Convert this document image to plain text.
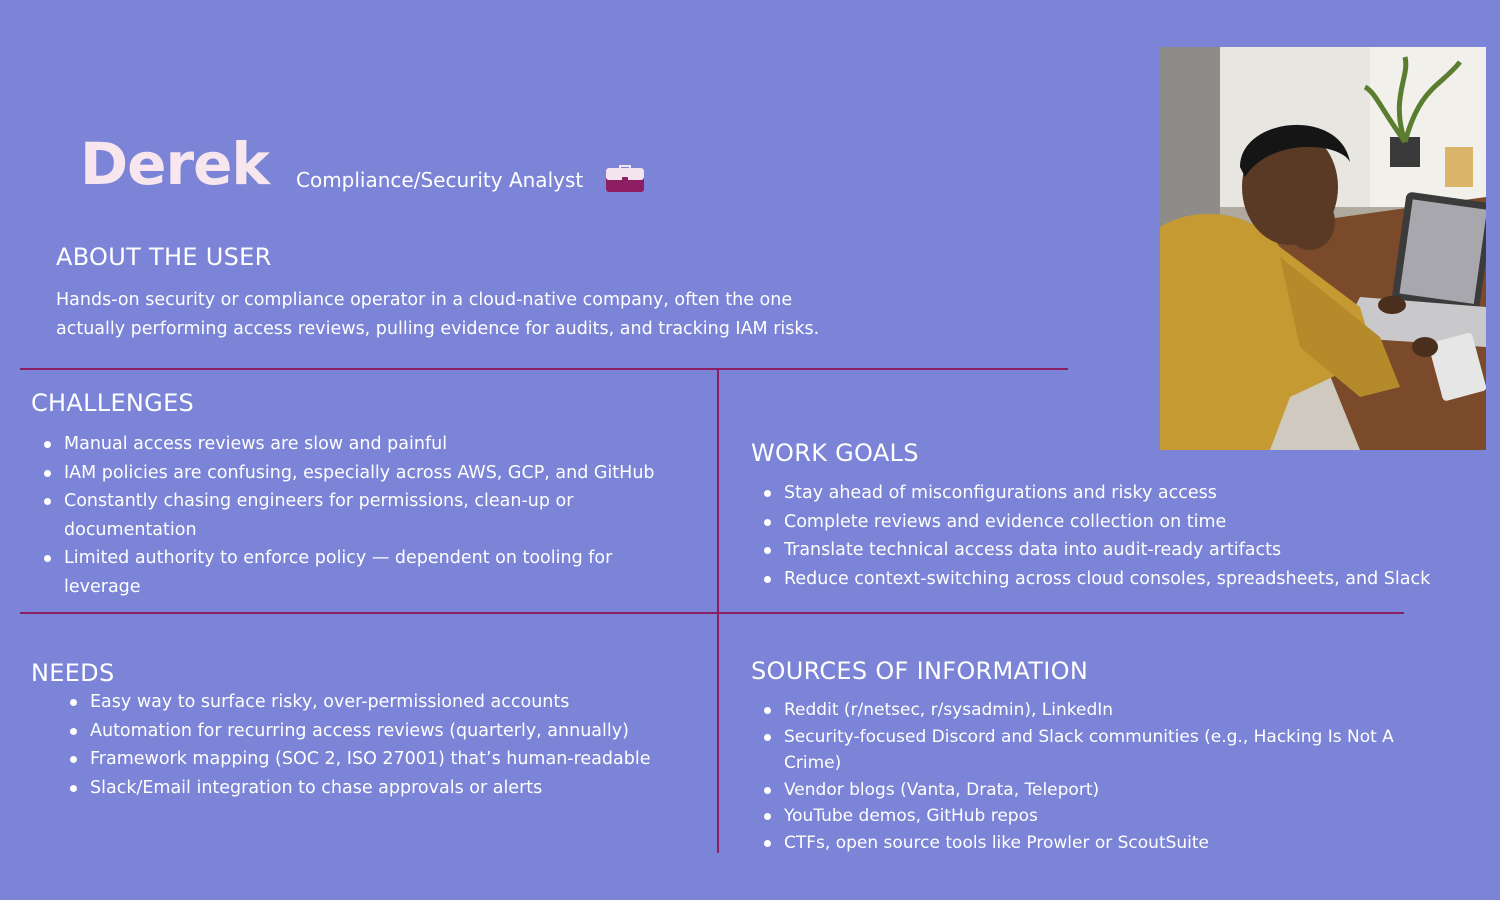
Derek Compliance/Security Analyst
ABOUT THE USER
Hands-on security or compliance operator in a cloud-native company, often the one actually performing access reviews, pulling evidence for audits, and tracking IAM risks.
CHALLENGES
Manual access reviews are slow and painful
IAM policies are confusing, especially across AWS, GCP, and GitHub
Constantly chasing engineers for permissions, clean-up or documentation
Limited authority to enforce policy — dependent on tooling for leverage
WORK GOALS
Stay ahead of misconfigurations and risky access
Complete reviews and evidence collection on time
Translate technical access data into audit-ready artifacts
Reduce context-switching across cloud consoles, spreadsheets, and Slack
NEEDS
Easy way to surface risky, over-permissioned accounts
Automation for recurring access reviews (quarterly, annually)
Framework mapping (SOC 2, ISO 27001) that’s human-readable
Slack/Email integration to chase approvals or alerts
SOURCES OF INFORMATION
Reddit (r/netsec, r/sysadmin), LinkedIn
Security-focused Discord and Slack communities (e.g., Hacking Is Not A Crime)
Vendor blogs (Vanta, Drata, Teleport)
YouTube demos, GitHub repos
CTFs, open source tools like Prowler or ScoutSuite
